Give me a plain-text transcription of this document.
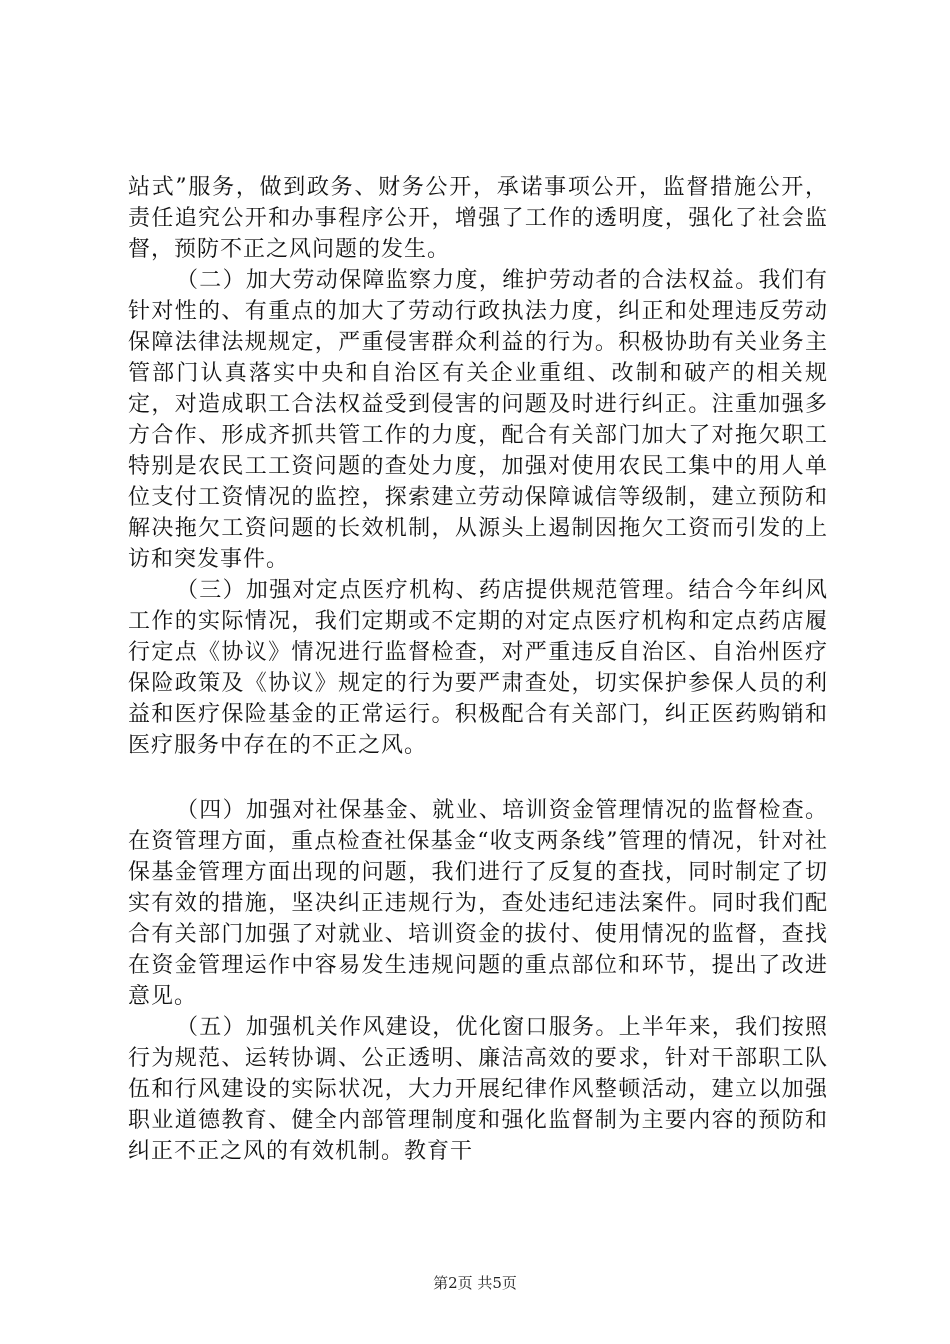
站式”服务，做到政务、财务公开，承诺事项公开，监督措施公开，责任追究公开和办事程序公开，增强了工作的透明度，强化了社会监督，预防不正之风问题的发生。

（二）加大劳动保障监察力度，维护劳动者的合法权益。我们有针对性的、有重点的加大了劳动行政执法力度，纠正和处理违反劳动保障法律法规规定，严重侵害群众利益的行为。积极协助有关业务主管部门认真落实中央和自治区有关企业重组、改制和破产的相关规定，对造成职工合法权益受到侵害的问题及时进行纠正。注重加强多方合作、形成齐抓共管工作的力度，配合有关部门加大了对拖欠职工特别是农民工工资问题的查处力度，加强对使用农民工集中的用人单位支付工资情况的监控，探索建立劳动保障诚信等级制，建立预防和解决拖欠工资问题的长效机制，从源头上遏制因拖欠工资而引发的上访和突发事件。

（三）加强对定点医疗机构、药店提供规范管理。结合今年纠风工作的实际情况，我们定期或不定期的对定点医疗机构和定点药店履行定点《协议》情况进行监督检查，对严重违反自治区、自治州医疗保险政策及《协议》规定的行为要严肃查处，切实保护参保人员的利益和医疗保险基金的正常运行。积极配合有关部门，纠正医药购销和医疗服务中存在的不正之风。

（四）加强对社保基金、就业、培训资金管理情况的监督检查。在资管理方面，重点检查社保基金“收支两条线”管理的情况，针对社保基金管理方面出现的问题，我们进行了反复的查找，同时制定了切实有效的措施，坚决纠正违规行为，查处违纪违法案件。同时我们配合有关部门加强了对就业、培训资金的拔付、使用情况的监督，查找在资金管理运作中容易发生违规问题的重点部位和环节，提出了改进意见。

（五）加强机关作风建设，优化窗口服务。上半年来，我们按照行为规范、运转协调、公正透明、廉洁高效的要求，针对干部职工队伍和行风建设的实际状况，大力开展纪律作风整顿活动，建立以加强职业道德教育、健全内部管理制度和强化监督制为主要内容的预防和纠正不正之风的有效机制。教育干

第2页 共5页
